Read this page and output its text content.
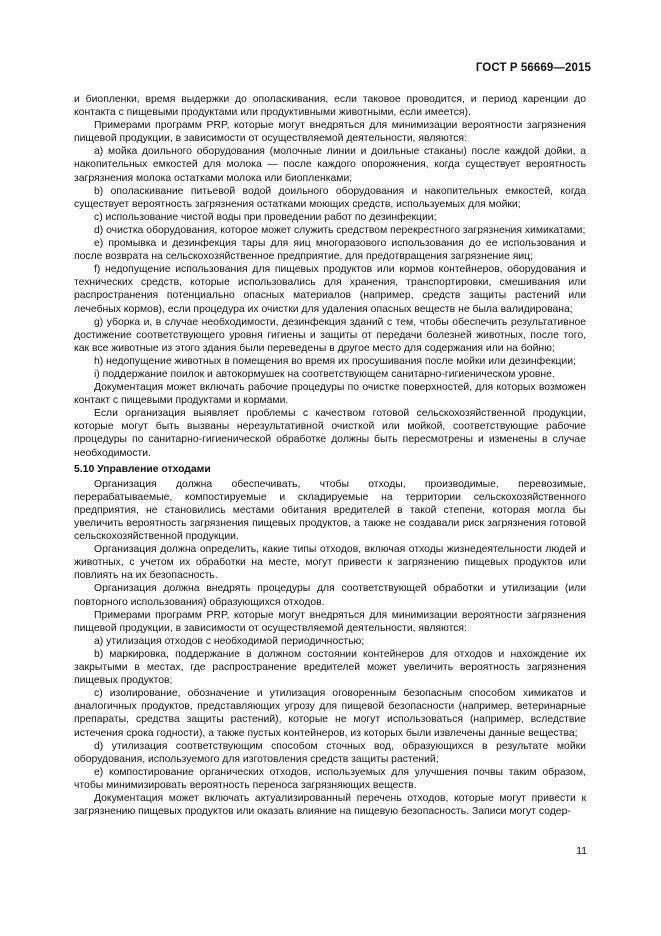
ГОСТ Р 56669—2015

и биопленки, время выдержки до ополаскивания, если таковое проводится, и период каренции до контакта с пищевыми продуктами или продуктивными животными, если имеется).

Примерами программ PRP, которые могут внедряться для минимизации вероятности загрязнения пищевой продукции, в зависимости от осуществляемой деятельности, являются:

а) мойка доильного оборудования (молочные линии и доильные стаканы) после каждой дойки, а накопительных емкостей для молока — после каждого опорожнения, когда существует вероятность загрязнения молока остатками молока или биопленками;

b) ополаскивание питьевой водой доильного оборудования и накопительных емкостей, когда существует вероятность загрязнения остатками моющих средств, используемых для мойки;

c) использование чистой воды при проведении работ по дезинфекции;

d) очистка оборудования, которое может служить средством перекрестного загрязнения химикатами;

e) промывка и дезинфекция тары для яиц многоразового использования до ее использования и после возврата на сельскохозяйственное предприятие, для предотвращения загрязнение яиц;

f) недопущение использования для пищевых продуктов или кормов контейнеров, оборудования и технических средств, которые использовались для хранения, транспортировки, смешивания или распространения потенциально опасных материалов (например, средств защиты растений или лечебных кормов), если процедура их очистки для удаления опасных веществ не была валидирована;

g) уборка и, в случае необходимости, дезинфекция зданий с тем, чтобы обеспечить результативное достижение соответствующего уровня гигиены и защиты от передачи болезней животных, после того, как все животные из этого здания были переведены в другое место для содержания или на бойню;

h) недопущение животных в помещения во время их просушивания после мойки или дезинфекции;

i) поддержание поилок и автокормушек на соответствующем санитарно-гигиеническом уровне.

Документация может включать рабочие процедуры по очистке поверхностей, для которых возможен контакт с пищевыми продуктами и кормами.

Если организация выявляет проблемы с качеством готовой сельскохозяйственной продукции, которые могут быть вызваны нерезультативной очисткой или мойкой, соответствующие рабочие процедуры по санитарно-гигиенической обработке должны быть пересмотрены и изменены в случае необходимости.

5.10 Управление отходами

Организация должна обеспечивать, чтобы отходы, производимые, перевозимые, перерабатываемые, компостируемые и складируемые на территории сельскохозяйственного предприятия, не становились местами обитания вредителей в такой степени, которая могла бы увеличить вероятность загрязнения пищевых продуктов, а также не создавали риск загрязнения готовой сельскохозяйственной продукции.

Организация должна определить, какие типы отходов, включая отходы жизнедеятельности людей и животных, с учетом их обработки на месте, могут привести к загрязнению пищевых продуктов или повлиять на их безопасность.

Организация должна внедрять процедуры для соответствующей обработки и утилизации (или повторного использования) образующихся отходов.

Примерами программ PRP, которые могут внедряться для минимизации вероятности загрязнения пищевой продукции, в зависимости от осуществляемой деятельности, являются:

а) утилизация отходов с необходимой периодичностью;

b) маркировка, поддержание в должном состоянии контейнеров для отходов и нахождение их закрытыми в местах, где распространение вредителей может увеличить вероятность загрязнения пищевых продуктов;

c) изолирование, обозначение и утилизация оговоренным безопасным способом химикатов и аналогичных продуктов, представляющих угрозу для пищевой безопасности (например, ветеринарные препараты, средства защиты растений), которые не могут использоваться (например, вследствие истечения срока годности), а также пустых контейнеров, из которых были извлечены данные вещества;

d) утилизация соответствующим способом сточных вод, образующихся в результате мойки оборудования, используемого для изготовления средств защиты растений;

e) компостирование органических отходов, используемых для улучшения почвы таким образом, чтобы минимизировать вероятность переноса загрязняющих веществ.

Документация может включать актуализированный перечень отходов, которые могут привести к загрязнению пищевых продуктов или оказать влияние на пищевую безопасность. Записи могут содер-

11
